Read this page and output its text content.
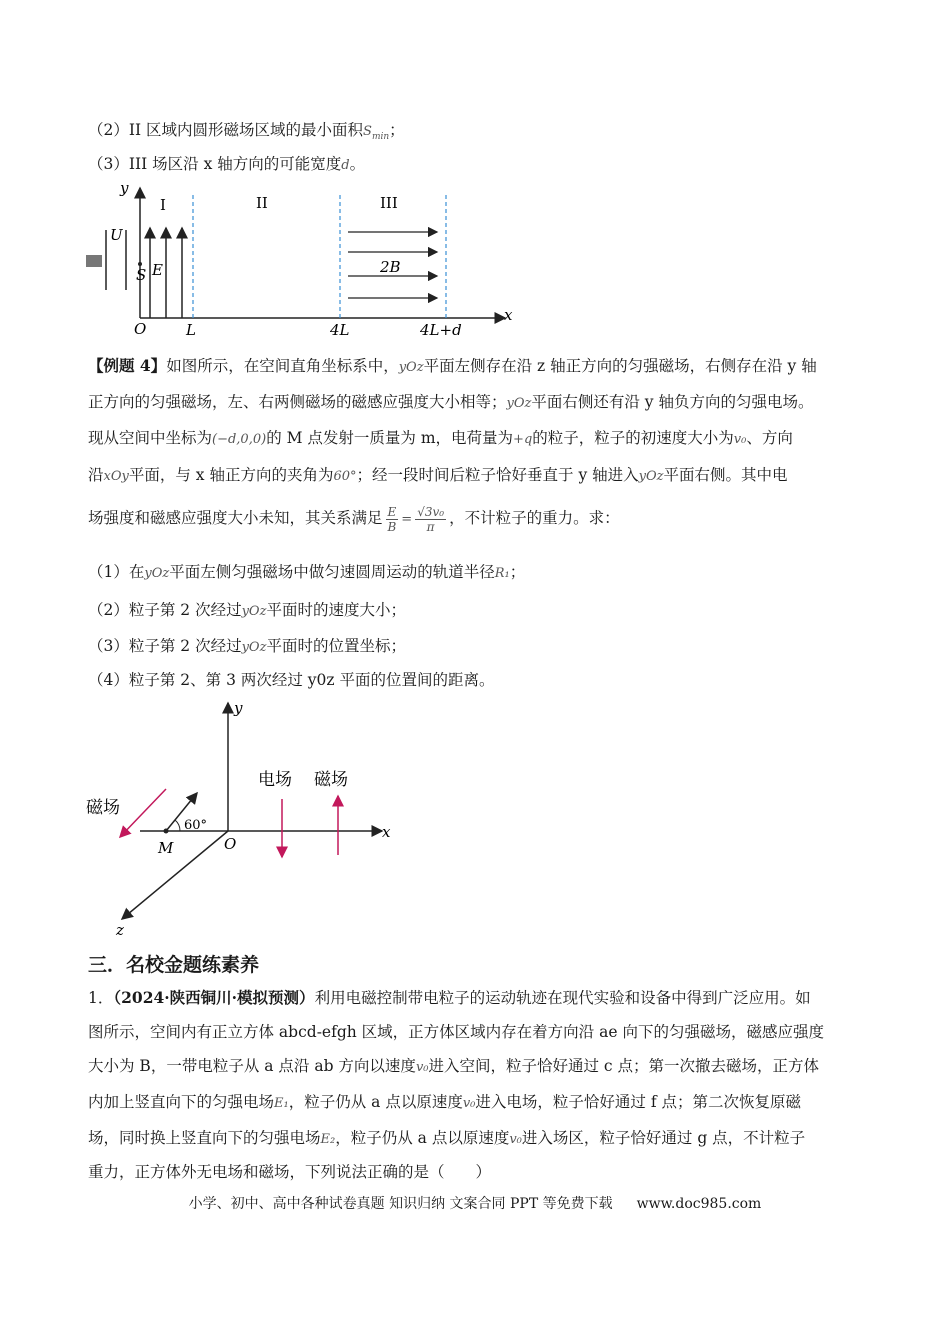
（2）II 区域内圆形磁场区域的最小面积$S_{min}$；
（3）III 场区沿 x 轴方向的可能宽度d。
y
x
O
U
S E
I	II	III
2B
L	4L	4L+d
【例题 4】如图所示，在空间直角坐标系中，yOz平面左侧存在沿 z 轴正方向的匀强磁场，右侧存在沿 y 轴
正方向的匀强磁场，左、右两侧磁场的磁感应强度大小相等；yOz平面右侧还有沿 y 轴负方向的匀强电场。
现从空间中坐标为(−d,0,0)的 M 点发射一质量为 m，电荷量为+q的粒子，粒子的初速度大小为v₀、方向
沿xOy平面，与 x 轴正方向的夹角为60°；经一段时间后粒子恰好垂直于 y 轴进入yOz平面右侧。其中电
场强度和磁感应强度大小未知，其关系满足 $\frac{E}{B} = \frac{\text{√3v₀}}{\pi}$ ，不计粒子的重力。求：
（1）在yOz平面左侧匀强磁场中做匀速圆周运动的轨道半径R₁；
（2）粒子第 2 次经过yOz平面时的速度大小；
（3）粒子第 2 次经过yOz平面时的位置坐标；
（4）粒子第 2、第 3 两次经过 y0z 平面的位置间的距离。
y
x
z
O
M
60°
磁场
电场 磁场
三．名校金题练素养
1．（2024·陕西铜川·模拟预测）利用电磁控制带电粒子的运动轨迹在现代实验和设备中得到广泛应用。如
图所示，空间内有正立方体 abcd-efgh 区域，正方体区域内存在着方向沿 ae 向下的匀强磁场，磁感应强度
大小为 B，一带电粒子从 a 点沿 ab 方向以速度v₀进入空间，粒子恰好通过 c 点；第一次撤去磁场，正方体
内加上竖直向下的匀强电场E₁，粒子仍从 a 点以原速度v₀进入电场，粒子恰好通过 f 点；第二次恢复原磁
场，同时换上竖直向下的匀强电场E₂，粒子仍从 a 点以原速度v₀进入场区，粒子恰好通过 g 点，不计粒子
重力，正方体外无电场和磁场，下列说法正确的是（　　）
小学、初中、高中各种试卷真题 知识归纳 文案合同 PPT 等免费下载 www.doc985.com
